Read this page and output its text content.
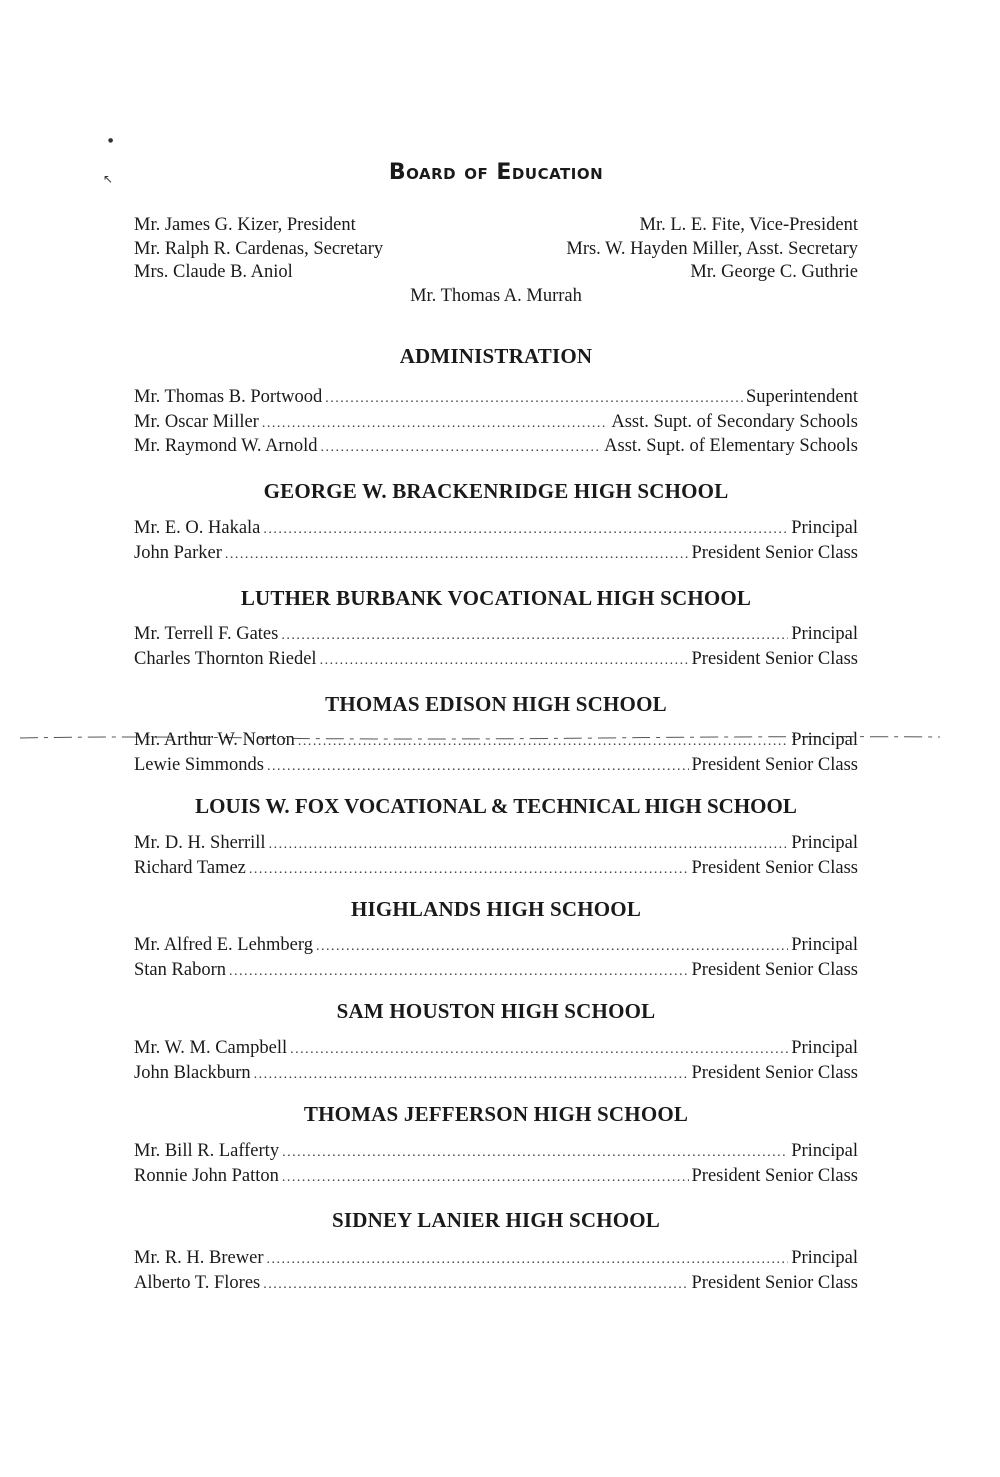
↖
●
Board of Education
Mr. James G. Kizer, President	Mr. L. E. Fite, Vice-President
Mr. Ralph R. Cardenas, Secretary	Mrs. W. Hayden Miller, Asst. Secretary
Mrs. Claude B. Aniol	Mr. George C. Guthrie
Mr. Thomas A. Murrah
ADMINISTRATION
Mr. Thomas B. Portwood .....	Superintendent
Mr. Oscar Miller .....	Asst. Supt. of Secondary Schools
Mr. Raymond W. Arnold .....	Asst. Supt. of Elementary Schools
GEORGE W. BRACKENRIDGE HIGH SCHOOL
Mr. E. O. Hakala .....	Principal
John Parker .....	President Senior Class
LUTHER BURBANK VOCATIONAL HIGH SCHOOL
Mr. Terrell F. Gates .....	Principal
Charles Thornton Riedel .....	President Senior Class
THOMAS EDISON HIGH SCHOOL
Mr. Arthur W. Norton .....	Principal
Lewie Simmonds .....	President Senior Class
LOUIS W. FOX VOCATIONAL & TECHNICAL HIGH SCHOOL
Mr. D. H. Sherrill .....	Principal
Richard Tamez .....	President Senior Class
HIGHLANDS HIGH SCHOOL
Mr. Alfred E. Lehmberg .....	Principal
Stan Raborn .....	President Senior Class
SAM HOUSTON HIGH SCHOOL
Mr. W. M. Campbell .....	Principal
John Blackburn .....	President Senior Class
THOMAS JEFFERSON HIGH SCHOOL
Mr. Bill R. Lafferty .....	Principal
Ronnie John Patton .....	President Senior Class
SIDNEY LANIER HIGH SCHOOL
Mr. R. H. Brewer .....	Principal
Alberto T. Flores .....	President Senior Class
